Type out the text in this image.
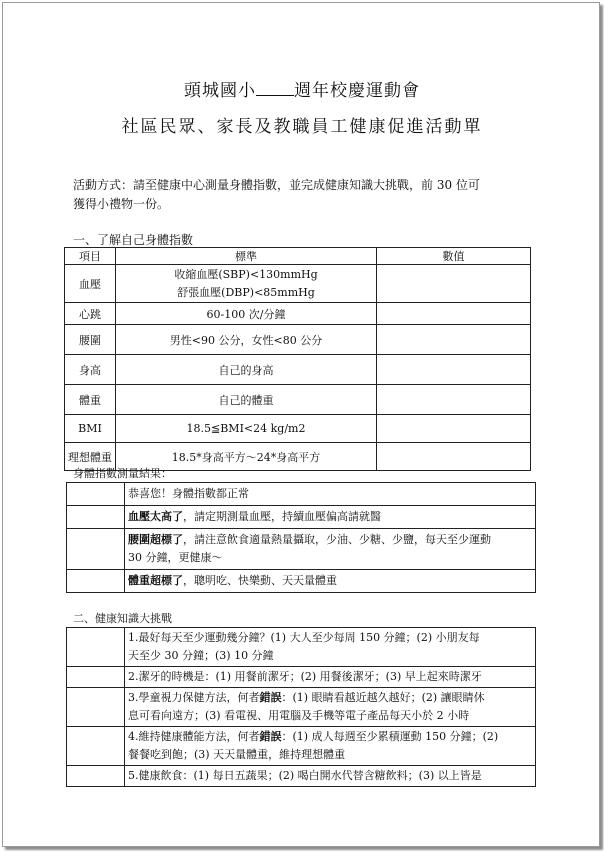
頭城國小 週年校慶運動會
社區民眾、家長及教職員工健康促進活動單
活動方式：請至健康中心測量身體指數，並完成健康知識大挑戰，前 30 位可
獲得小禮物一份。
一、了解自己身體指數
項目	標準	數值
血壓	收縮血壓(SBP)<130mmHg
舒張血壓(DBP)<85mmHg	

心跳	60-100 次/分鐘	
腰圍	男性<90 公分，女性<80 公分	
身高	自己的身高	
體重	自己的體重	
BMI	18.5≦BMI<24 kg/m2	
理想體重	18.5*身高平方～24*身高平方	
身體指數測量結果：
	恭喜您！身體指數都正常
	血壓太高了，請定期測量血壓，持續血壓偏高請就醫
	腰圍超標了，請注意飲食適量熱量攝取，少油、少糖、少鹽，每天至少運動
30 分鐘，更健康～
	體重超標了，聰明吃、快樂動、天天量體重
二、健康知識大挑戰
	1.最好每天至少運動幾分鐘？(1) 大人至少每周 150 分鐘；(2) 小朋友每
天至少 30 分鐘；(3) 10 分鐘
	2.潔牙的時機是：(1) 用餐前潔牙；(2) 用餐後潔牙；(3) 早上起來時潔牙
	3.學童視力保健方法，何者錯誤：(1) 眼睛看越近越久越好；(2) 讓眼睛休
息可看向遠方；(3) 看電視、用電腦及手機等電子產品每天小於 2 小時
	4.維持健康體能方法，何者錯誤：(1) 成人每週至少累積運動 150 分鐘；(2)
餐餐吃到飽；(3) 天天量體重，維持理想體重
	5.健康飲食：(1) 每日五蔬果；(2) 喝白開水代替含糖飲料；(3) 以上皆是
